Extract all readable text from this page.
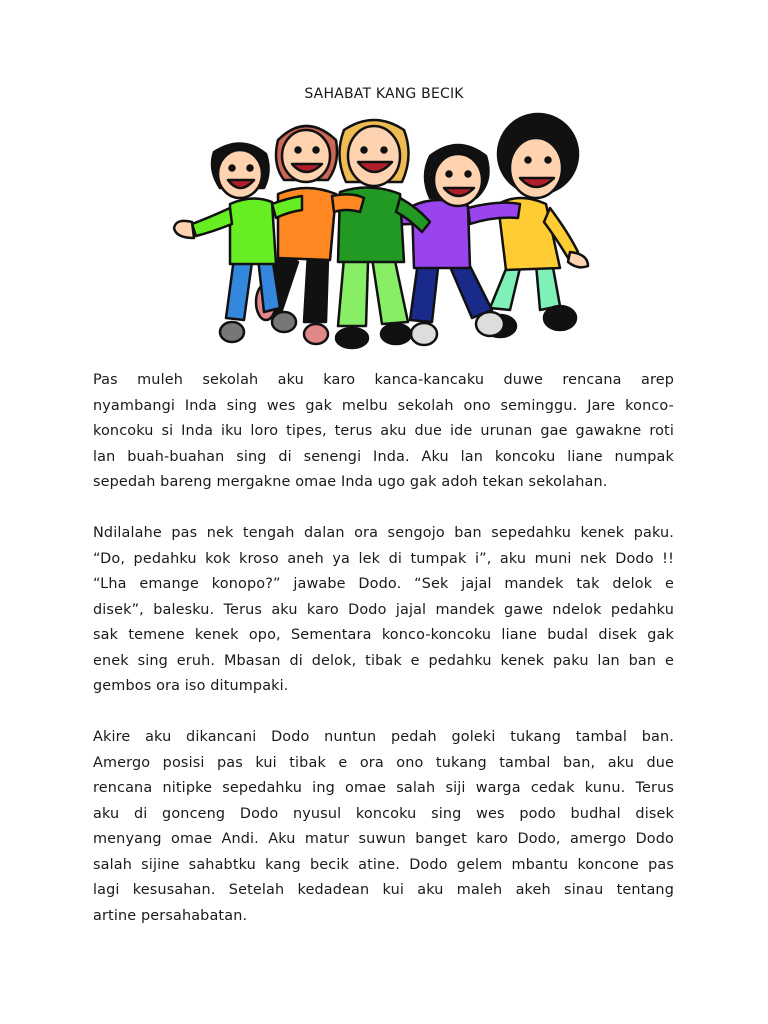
SAHABAT KANG BECIK
Pas muleh sekolah aku karo kanca-kancaku duwe rencana arep
nyambangi Inda sing wes gak melbu sekolah ono seminggu. Jare konco-
koncoku si Inda iku loro tipes, terus aku due ide urunan gae gawakne roti
lan buah-buahan sing di senengi Inda. Aku lan koncoku liane numpak
sepedah bareng mergakne omae Inda ugo gak adoh tekan sekolahan.
Ndilalahe pas nek tengah dalan ora sengojo ban sepedahku kenek paku.
“Do, pedahku kok kroso aneh ya lek di tumpak i”, aku muni nek Dodo !!
“Lha emange konopo?” jawabe Dodo. “Sek jajal mandek tak delok e
disek”, balesku. Terus aku karo Dodo jajal mandek gawe ndelok pedahku
sak temene kenek opo, Sementara konco-koncoku liane budal disek gak
enek sing eruh. Mbasan di delok, tibak e pedahku kenek paku lan ban e
gembos ora iso ditumpaki.
Akire aku dikancani Dodo nuntun pedah goleki tukang tambal ban.
Amergo posisi pas kui tibak e ora ono tukang tambal ban, aku due
rencana nitipke sepedahku ing omae salah siji warga cedak kunu. Terus
aku di gonceng Dodo nyusul koncoku sing wes podo budhal disek
menyang omae Andi. Aku matur suwun banget karo Dodo, amergo Dodo
salah sijine sahabtku kang becik atine. Dodo gelem mbantu koncone pas
lagi kesusahan. Setelah kedadean kui aku maleh akeh sinau tentang
artine persahabatan.
